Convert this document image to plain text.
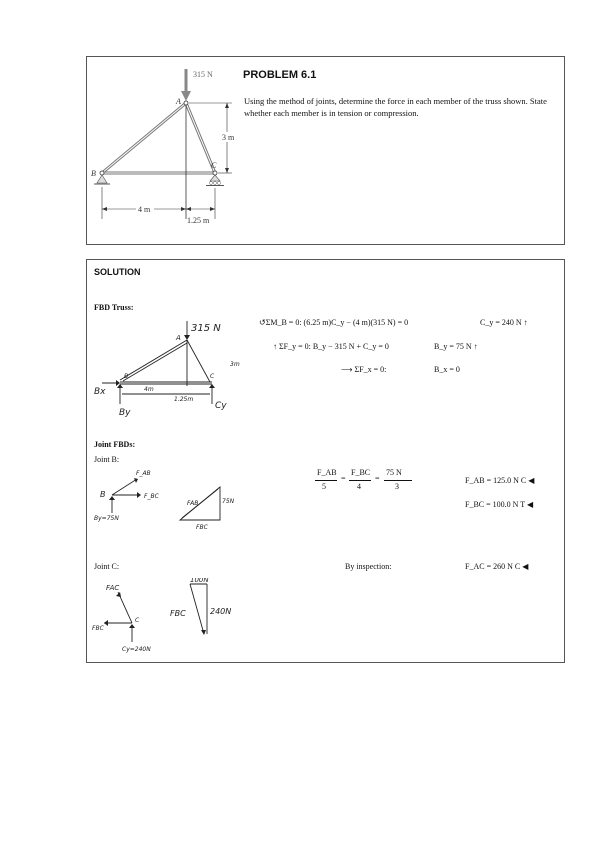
315 N
A
B
C
3 m
4 m
1.25 m
PROBLEM 6.1
Using the method of joints, determine the force in each member of the truss shown. State whether each member is in tension or compression.
SOLUTION
FBD Truss:
315 N
A
B	C
3m
4m
1.25m
Bx
By
Cy
↺ΣM_B = 0: (6.25 m)C_y − (4 m)(315 N) = 0	C_y = 240 N ↑
↑ ΣF_y = 0: B_y − 315 N + C_y = 0	B_y = 75 N ↑
⟶ ΣF_x = 0:	B_x = 0
Joint FBDs:
Joint B:
F_AB
F_BC
B
By=75N
75N
FAB
FBC
F_AB
5
=
F_BC
4
=
75 N
3
F_AB = 125.0 N C ◀
F_BC = 100.0 N T ◀
Joint C:	By inspection:	F_AC = 260 N C ◀
FAC
FBC
C
Cy=240N
100N
FBC	240N
